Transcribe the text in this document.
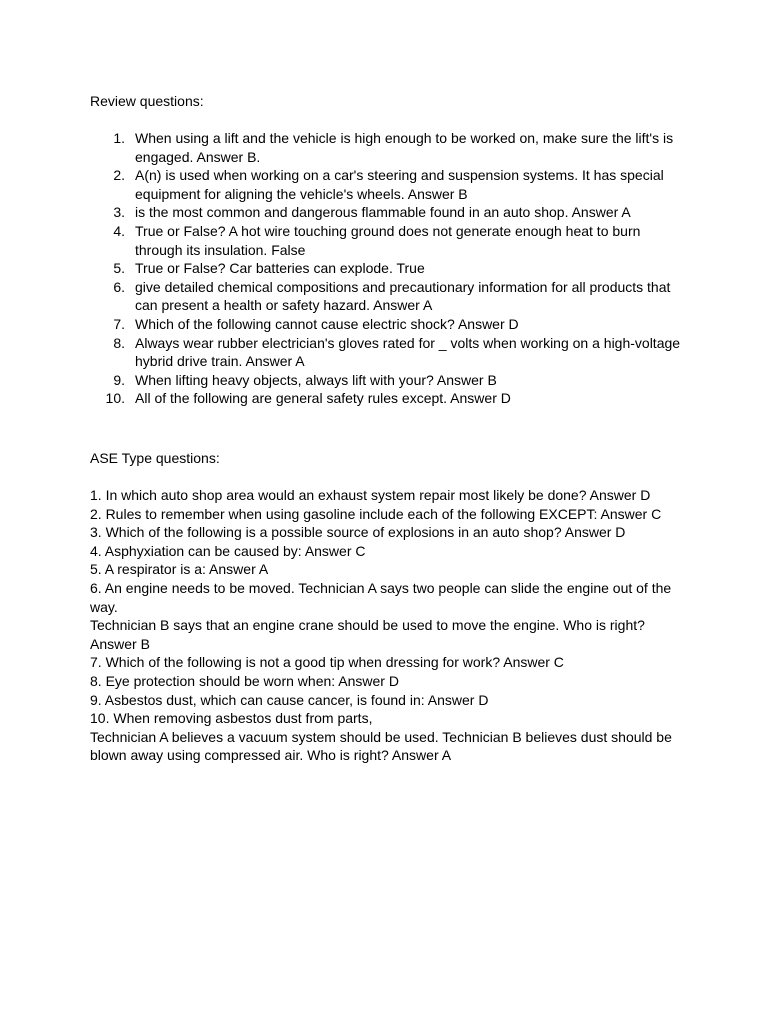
Review questions:

1. When using a lift and the vehicle is high enough to be worked on, make sure the lift's is engaged. Answer B.
2. A(n) is used when working on a car's steering and suspension systems. It has special equipment for aligning the vehicle's wheels. Answer B
3. is the most common and dangerous flammable found in an auto shop. Answer A
4. True or False? A hot wire touching ground does not generate enough heat to burn through its insulation. False
5. True or False? Car batteries can explode. True
6. give detailed chemical compositions and precautionary information for all products that can present a health or safety hazard. Answer A
7. Which of the following cannot cause electric shock? Answer D
8. Always wear rubber electrician's gloves rated for _ volts when working on a high-voltage hybrid drive train. Answer A
9. When lifting heavy objects, always lift with your? Answer B
10. All of the following are general safety rules except. Answer D

ASE Type questions:

1. In which auto shop area would an exhaust system repair most likely be done? Answer D

2. Rules to remember when using gasoline include each of the following EXCEPT: Answer C

3. Which of the following is a possible source of explosions in an auto shop? Answer D

4. Asphyxiation can be caused by: Answer C

5. A respirator is a: Answer A

6. An engine needs to be moved. Technician A says two people can slide the engine out of the way.

Technician B says that an engine crane should be used to move the engine. Who is right? Answer B

7. Which of the following is not a good tip when dressing for work? Answer C

8. Eye protection should be worn when: Answer D

9. Asbestos dust, which can cause cancer, is found in: Answer D

10. When removing asbestos dust from parts,

Technician A believes a vacuum system should be used. Technician B believes dust should be blown away using compressed air. Who is right? Answer A
